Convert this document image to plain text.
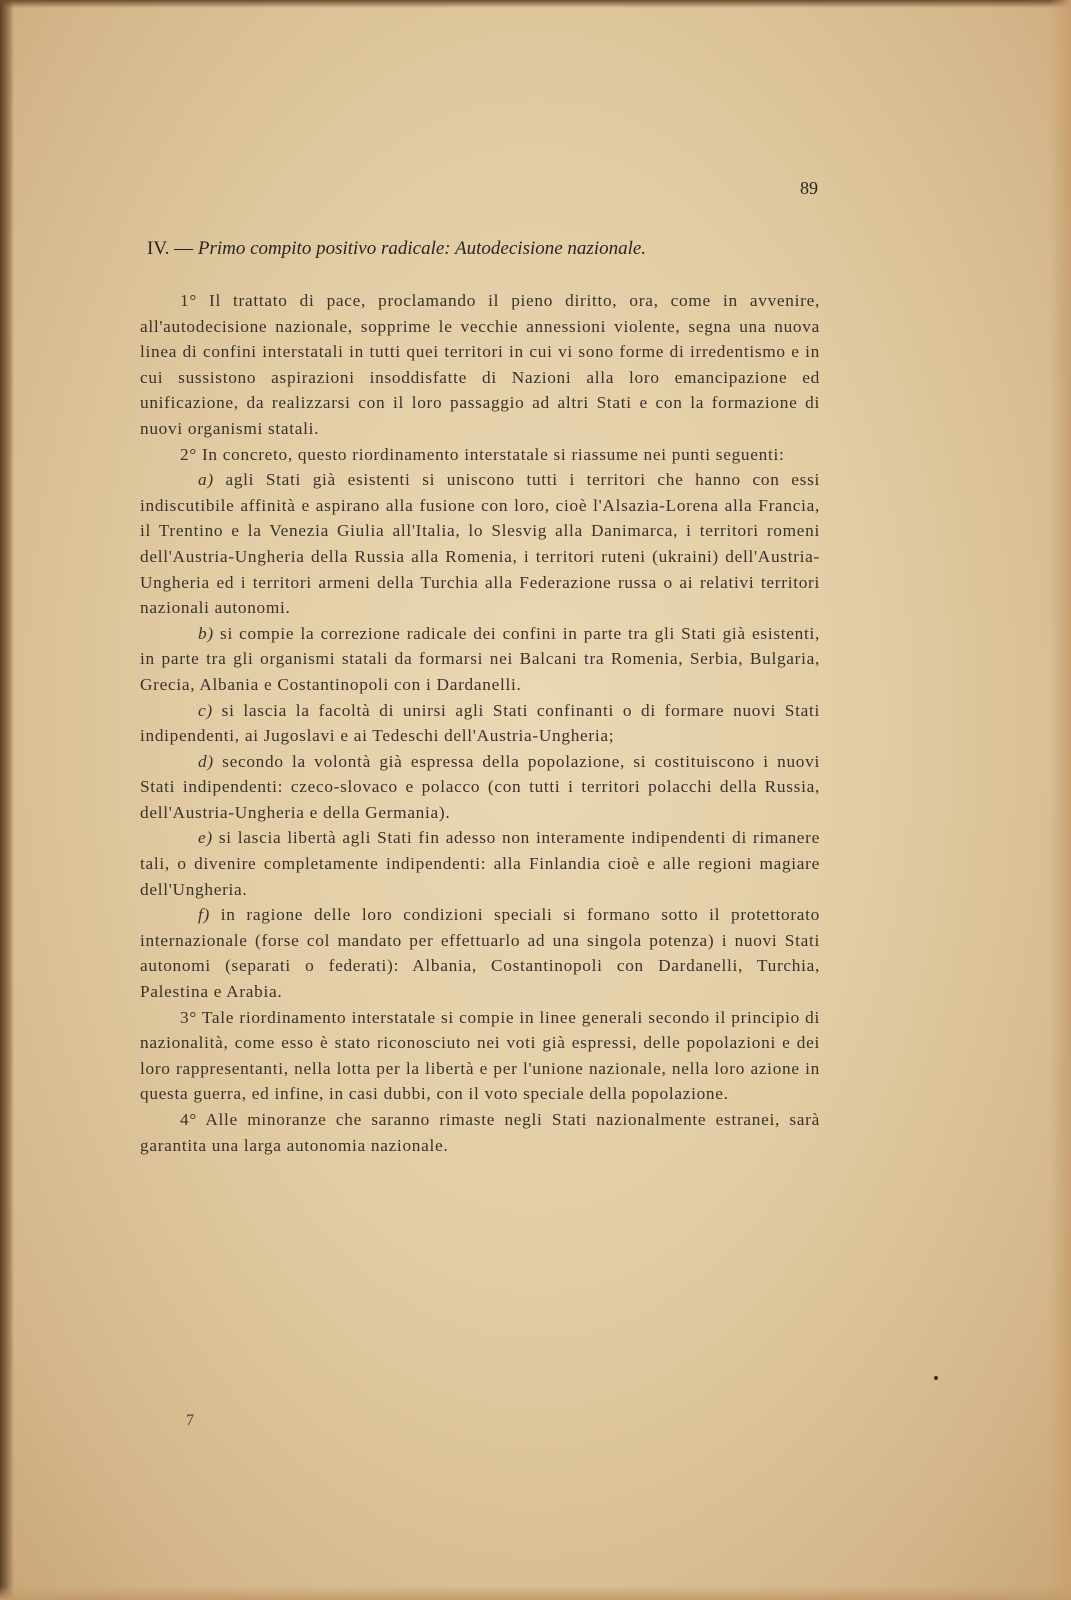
89
IV. — Primo compito positivo radicale: Autodecisione nazionale.

1° Il trattato di pace, proclamando il pieno diritto, ora, come in avvenire, all'autodecisione nazionale, sopprime le vecchie annessioni violente, segna una nuova linea di confini interstatali in tutti quei territori in cui vi sono forme di irredentismo e in cui sussistono aspirazioni insoddisfatte di Nazioni alla loro emancipazione ed unificazione, da realizzarsi con il loro passaggio ad altri Stati e con la formazione di nuovi organismi statali.

2° In concreto, questo riordinamento interstatale si riassume nei punti seguenti:

a) agli Stati già esistenti si uniscono tutti i territori che hanno con essi indiscutibile affinità e aspirano alla fusione con loro, cioè l'Alsazia-Lorena alla Francia, il Trentino e la Venezia Giulia all'Italia, lo Slesvig alla Danimarca, i territori romeni dell'Austria-Ungheria della Russia alla Romenia, i territori ruteni (ukraini) dell'Austria-Ungheria ed i territori armeni della Turchia alla Federazione russa o ai relativi territori nazionali autonomi.

b) si compie la correzione radicale dei confini in parte tra gli Stati già esistenti, in parte tra gli organismi statali da formarsi nei Balcani tra Romenia, Serbia, Bulgaria, Grecia, Albania e Costantinopoli con i Dardanelli.

c) si lascia la facoltà di unirsi agli Stati confinanti o di formare nuovi Stati indipendenti, ai Jugoslavi e ai Tedeschi dell'Austria-Ungheria;

d) secondo la volontà già espressa della popolazione, si costituiscono i nuovi Stati indipendenti: czeco-slovaco e polacco (con tutti i territori polacchi della Russia, dell'Austria-Ungheria e della Germania).

e) si lascia libertà agli Stati fin adesso non interamente indipendenti di rimanere tali, o divenire completamente indipendenti: alla Finlandia cioè e alle regioni magiare dell'Ungheria.

f) in ragione delle loro condizioni speciali si formano sotto il protettorato internazionale (forse col mandato per effettuarlo ad una singola potenza) i nuovi Stati autonomi (separati o federati): Albania, Costantinopoli con Dardanelli, Turchia, Palestina e Arabia.

3° Tale riordinamento interstatale si compie in linee generali secondo il principio di nazionalità, come esso è stato riconosciuto nei voti già espressi, delle popolazioni e dei loro rappresentanti, nella lotta per la libertà e per l'unione nazionale, nella loro azione in questa guerra, ed infine, in casi dubbi, con il voto speciale della popolazione.

4° Alle minoranze che saranno rimaste negli Stati nazionalmente estranei, sarà garantita una larga autonomia nazionale.

7
